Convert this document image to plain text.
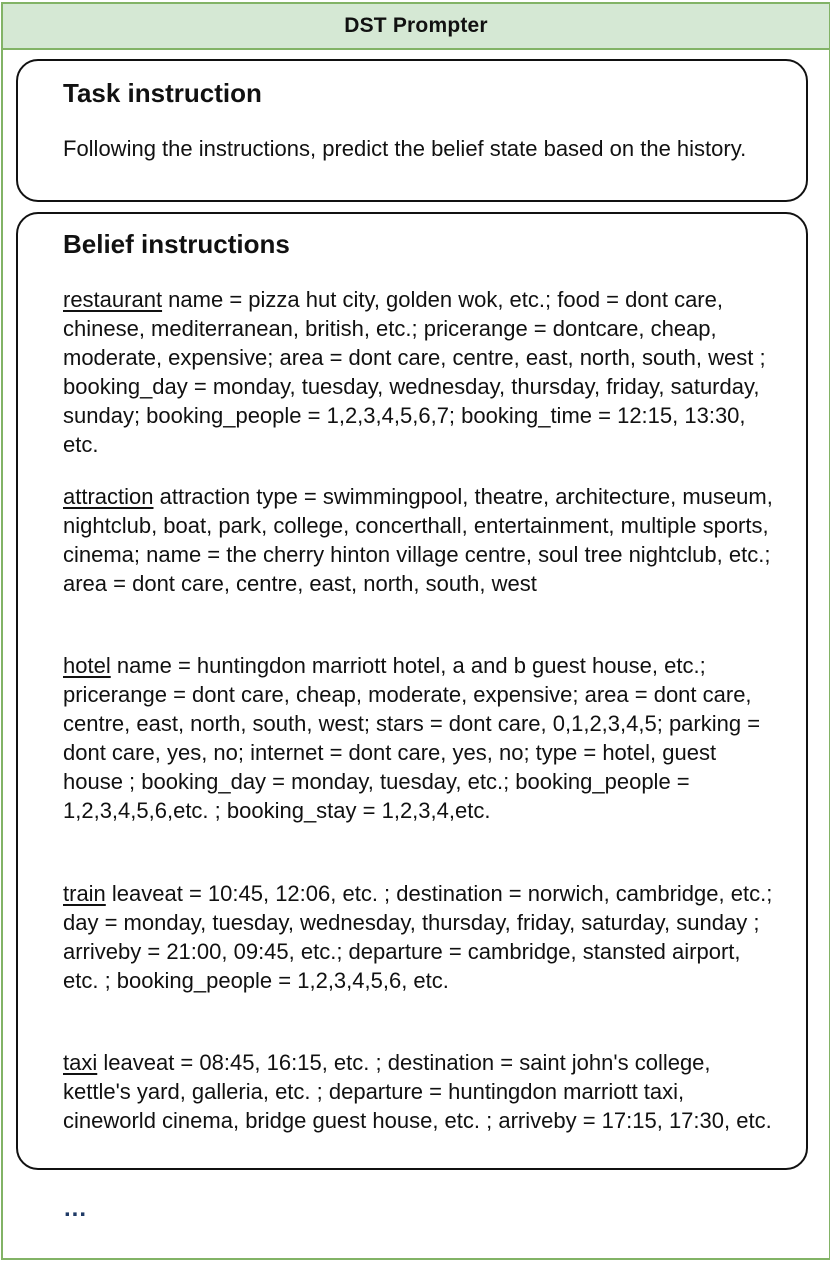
DST Prompter
Task instruction

Following the instructions, predict the belief state based on the history.

Belief instructions

restaurant name = pizza hut city, golden wok, etc.; food = dont care, chinese, mediterranean, british, etc.; pricerange = dontcare, cheap, moderate, expensive; area = dont care, centre, east, north, south, west ; booking_day = monday, tuesday, wednesday, thursday, friday, saturday, sunday; booking_people = 1,2,3,4,5,6,7; booking_time = 12:15, 13:30, etc.

attraction attraction type = swimmingpool, theatre, architecture, museum, nightclub, boat, park, college, concerthall, entertainment, multiple sports, cinema; name = the cherry hinton village centre, soul tree nightclub, etc.; area = dont care, centre, east, north, south, west

hotel name = huntingdon marriott hotel, a and b guest house, etc.; pricerange = dont care, cheap, moderate, expensive; area = dont care, centre, east, north, south, west; stars = dont care, 0,1,2,3,4,5; parking = dont care, yes, no; internet = dont care, yes, no; type = hotel, guest house ; booking_day = monday, tuesday, etc.; booking_people = 1,2,3,4,5,6,etc. ; booking_stay = 1,2,3,4,etc.

train leaveat = 10:45, 12:06, etc. ; destination = norwich, cambridge, etc.; day = monday, tuesday, wednesday, thursday, friday, saturday, sunday ; arriveby = 21:00, 09:45, etc.; departure = cambridge, stansted airport, etc. ; booking_people = 1,2,3,4,5,6, etc.

taxi leaveat = 08:45, 16:15, etc. ; destination = saint john's college, kettle's yard, galleria, etc. ; departure = huntingdon marriott taxi, cineworld cinema, bridge guest house, etc. ; arriveby = 17:15, 17:30, etc.

...
